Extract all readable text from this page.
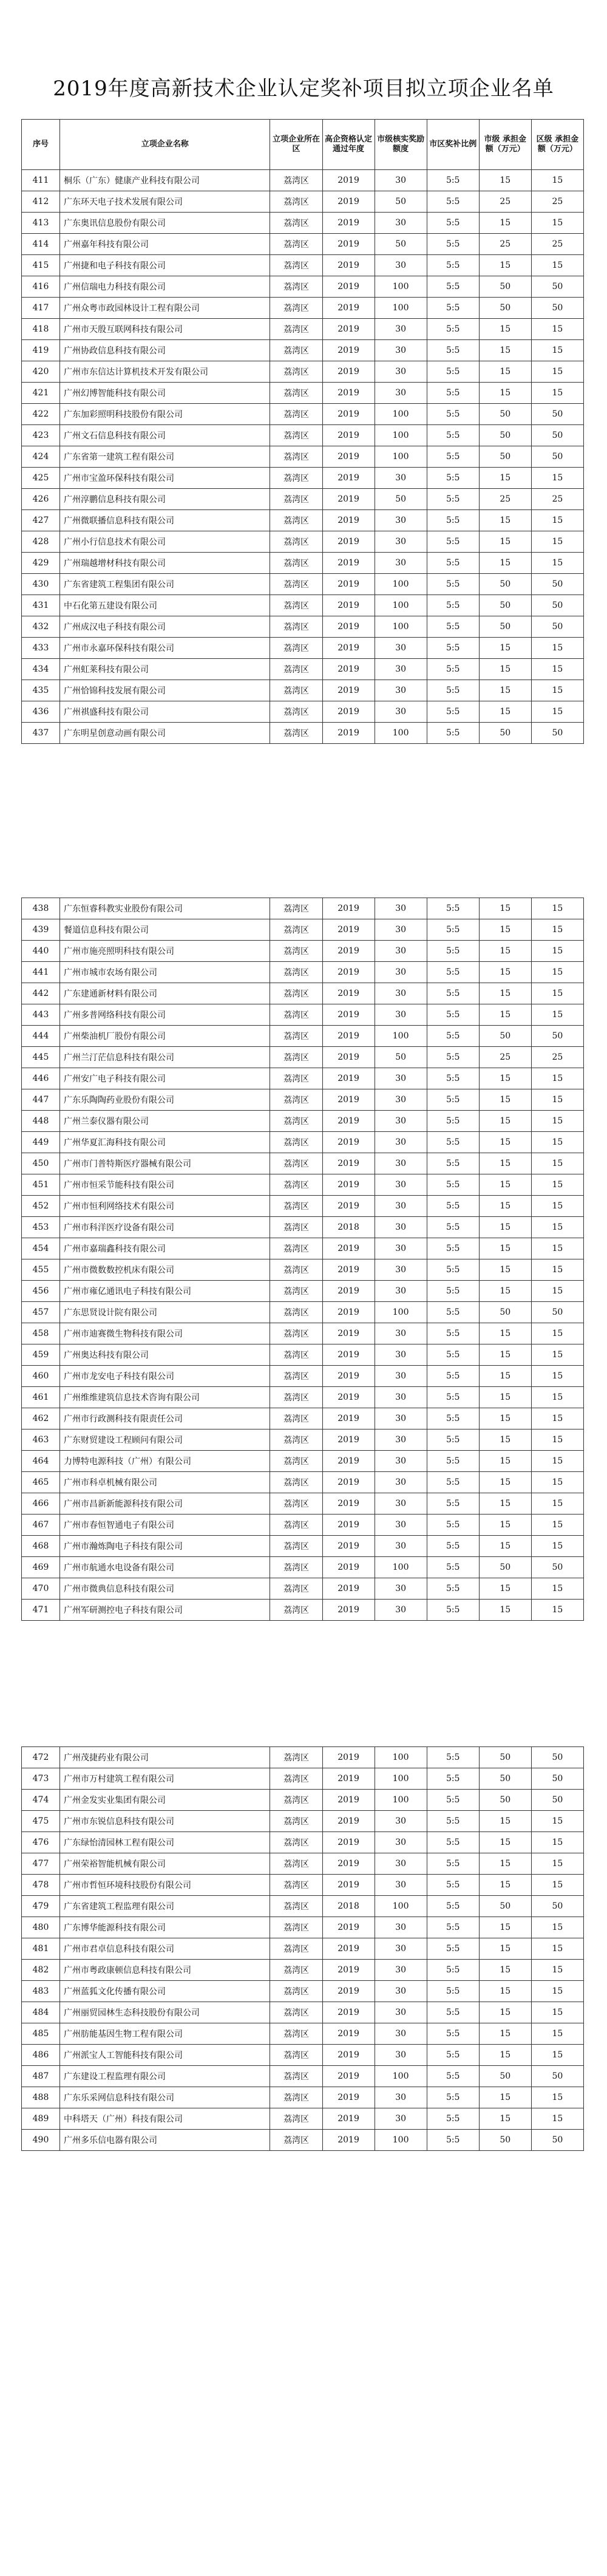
2019年度高新技术企业认定奖补项目拟立项企业名单
序号	立项企业名称	立项企业所在区	高企资格认定通过年度	市级核实奖励额度	市区奖补比例	市级 承担金额（万元）	区级 承担金额（万元）
411	桐乐（广东）健康产业科技有限公司	荔湾区	2019	30	5:5	15	15
412	广东环天电子技术发展有限公司	荔湾区	2019	50	5:5	25	25
413	广东奥讯信息股份有限公司	荔湾区	2019	30	5:5	15	15
414	广州嘉年科技有限公司	荔湾区	2019	50	5:5	25	25
415	广州捷和电子科技有限公司	荔湾区	2019	30	5:5	15	15
416	广州信瑞电力科技有限公司	荔湾区	2019	100	5:5	50	50
417	广州众粤市政园林设计工程有限公司	荔湾区	2019	100	5:5	50	50
418	广州市天殷互联网科技有限公司	荔湾区	2019	30	5:5	15	15
419	广州协政信息科技有限公司	荔湾区	2019	30	5:5	15	15
420	广州市东信达计算机技术开发有限公司	荔湾区	2019	30	5:5	15	15
421	广州幻博智能科技有限公司	荔湾区	2019	30	5:5	15	15
422	广东加彩照明科技股份有限公司	荔湾区	2019	100	5:5	50	50
423	广州文石信息科技有限公司	荔湾区	2019	100	5:5	50	50
424	广东省第一建筑工程有限公司	荔湾区	2019	100	5:5	50	50
425	广州市宝盈环保科技有限公司	荔湾区	2019	30	5:5	15	15
426	广州淳鹏信息科技有限公司	荔湾区	2019	50	5:5	25	25
427	广州微联播信息科技有限公司	荔湾区	2019	30	5:5	15	15
428	广州小行信息技术有限公司	荔湾区	2019	30	5:5	15	15
429	广州瑞越增材科技有限公司	荔湾区	2019	30	5:5	15	15
430	广东省建筑工程集团有限公司	荔湾区	2019	100	5:5	50	50
431	中石化第五建设有限公司	荔湾区	2019	100	5:5	50	50
432	广州成汉电子科技有限公司	荔湾区	2019	100	5:5	50	50
433	广州市永嘉环保科技有限公司	荔湾区	2019	30	5:5	15	15
434	广州虹莱科技有限公司	荔湾区	2019	30	5:5	15	15
435	广州恰锦科技发展有限公司	荔湾区	2019	30	5:5	15	15
436	广州祺盛科技有限公司	荔湾区	2019	30	5:5	15	15
437	广东明星创意动画有限公司	荔湾区	2019	100	5:5	50	50
438	广东恒睿科教实业股份有限公司	荔湾区	2019	30	5:5	15	15
439	餐道信息科技有限公司	荔湾区	2019	30	5:5	15	15
440	广州市施亮照明科技有限公司	荔湾区	2019	30	5:5	15	15
441	广州市城市农场有限公司	荔湾区	2019	30	5:5	15	15
442	广东建通新材料有限公司	荔湾区	2019	30	5:5	15	15
443	广州多普网络科技有限公司	荔湾区	2019	30	5:5	15	15
444	广州柴油机厂股份有限公司	荔湾区	2019	100	5:5	50	50
445	广州兰汀茫信息科技有限公司	荔湾区	2019	50	5:5	25	25
446	广州安广电子科技有限公司	荔湾区	2019	30	5:5	15	15
447	广东乐陶陶药业股份有限公司	荔湾区	2019	30	5:5	15	15
448	广州兰泰仪器有限公司	荔湾区	2019	30	5:5	15	15
449	广州华夏汇海科技有限公司	荔湾区	2019	30	5:5	15	15
450	广州市门普特斯医疗器械有限公司	荔湾区	2019	30	5:5	15	15
451	广州市恒采节能科技有限公司	荔湾区	2019	30	5:5	15	15
452	广州市恒利网络技术有限公司	荔湾区	2019	30	5:5	15	15
453	广州市科洋医疗设备有限公司	荔湾区	2018	30	5:5	15	15
454	广州市嘉瑞鑫科技有限公司	荔湾区	2019	30	5:5	15	15
455	广州市微数数控机床有限公司	荔湾区	2019	30	5:5	15	15
456	广州市雍亿通讯电子科技有限公司	荔湾区	2019	30	5:5	15	15
457	广东思贤设计院有限公司	荔湾区	2019	100	5:5	50	50
458	广州市迪赛微生物科技有限公司	荔湾区	2019	30	5:5	15	15
459	广州奥达科技有限公司	荔湾区	2019	30	5:5	15	15
460	广州市龙安电子科技有限公司	荔湾区	2019	30	5:5	15	15
461	广州维维建筑信息技术咨询有限公司	荔湾区	2019	30	5:5	15	15
462	广州市行政测科技有限责任公司	荔湾区	2019	30	5:5	15	15
463	广东财贸建设工程顾问有限公司	荔湾区	2019	30	5:5	15	15
464	力博特电源科技（广州）有限公司	荔湾区	2019	30	5:5	15	15
465	广州市科卓机械有限公司	荔湾区	2019	30	5:5	15	15
466	广州市昌新新能源科技有限公司	荔湾区	2019	30	5:5	15	15
467	广州市春恒智通电子有限公司	荔湾区	2019	30	5:5	15	15
468	广州市瀚炼陶电子科技有限公司	荔湾区	2019	30	5:5	15	15
469	广州市航通水电设备有限公司	荔湾区	2019	100	5:5	50	50
470	广州市微典信息科技有限公司	荔湾区	2019	30	5:5	15	15
471	广州军研测控电子科技有限公司	荔湾区	2019	30	5:5	15	15
472	广州茂捷药业有限公司	荔湾区	2019	100	5:5	50	50
473	广州市万村建筑工程有限公司	荔湾区	2019	100	5:5	50	50
474	广州金发实业集团有限公司	荔湾区	2019	100	5:5	50	50
475	广州市东锐信息科技有限公司	荔湾区	2019	30	5:5	15	15
476	广东绿怡清园林工程有限公司	荔湾区	2019	30	5:5	15	15
477	广州荣裕智能机械有限公司	荔湾区	2019	30	5:5	15	15
478	广州市哲恒环境科技股份有限公司	荔湾区	2019	30	5:5	15	15
479	广东省建筑工程监理有限公司	荔湾区	2018	100	5:5	50	50
480	广东博华能源科技有限公司	荔湾区	2019	30	5:5	15	15
481	广州市君卓信息科技有限公司	荔湾区	2019	30	5:5	15	15
482	广州市粤政康顿信息科技有限公司	荔湾区	2019	30	5:5	15	15
483	广州蓝狐文化传播有限公司	荔湾区	2019	30	5:5	15	15
484	广州丽贸园林生态科技股份有限公司	荔湾区	2019	30	5:5	15	15
485	广州肪能基因生物工程有限公司	荔湾区	2019	30	5:5	15	15
486	广州派宝人工智能科技有限公司	荔湾区	2019	30	5:5	15	15
487	广东建设工程监理有限公司	荔湾区	2019	100	5:5	50	50
488	广东乐采网信息科技有限公司	荔湾区	2019	30	5:5	15	15
489	中科塔天（广州）科技有限公司	荔湾区	2019	30	5:5	15	15
490	广州多乐信电器有限公司	荔湾区	2019	100	5:5	50	50
